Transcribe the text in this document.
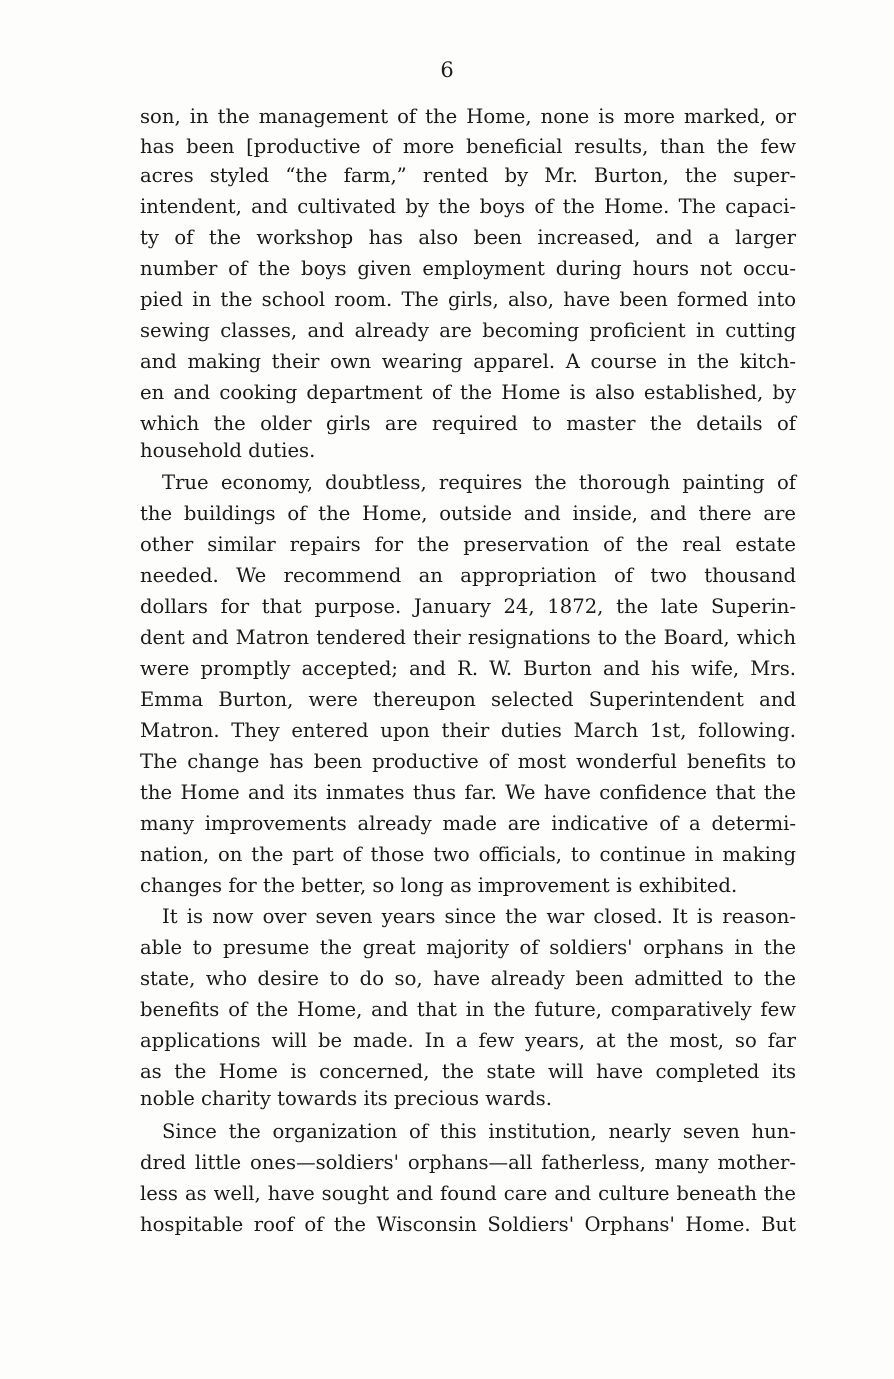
6
son, in the management of the Home, none is more marked, or
has been [productive of more beneficial results, than the few
acres styled “the farm,” rented by Mr. Burton, the super-
intendent, and cultivated by the boys of the Home. The capaci-
ty of the workshop has also been increased, and a larger
number of the boys given employment during hours not occu-
pied in the school room. The girls, also, have been formed into
sewing classes, and already are becoming proficient in cutting
and making their own wearing apparel. A course in the kitch-
en and cooking department of the Home is also established, by
which the older girls are required to master the details of
household duties.
True economy, doubtless, requires the thorough painting of
the buildings of the Home, outside and inside, and there are
other similar repairs for the preservation of the real estate
needed. We recommend an appropriation of two thousand
dollars for that purpose. January 24, 1872, the late Superin-
dent and Matron tendered their resignations to the Board, which
were promptly accepted; and R. W. Burton and his wife, Mrs.
Emma Burton, were thereupon selected Superintendent and
Matron. They entered upon their duties March 1st, following.
The change has been productive of most wonderful benefits to
the Home and its inmates thus far. We have confidence that the
many improvements already made are indicative of a determi-
nation, on the part of those two officials, to continue in making
changes for the better, so long as improvement is exhibited.
It is now over seven years since the war closed. It is reason-
able to presume the great majority of soldiers' orphans in the
state, who desire to do so, have already been admitted to the
benefits of the Home, and that in the future, comparatively few
applications will be made. In a few years, at the most, so far
as the Home is concerned, the state will have completed its
noble charity towards its precious wards.
Since the organization of this institution, nearly seven hun-
dred little ones—soldiers' orphans—all fatherless, many mother-
less as well, have sought and found care and culture beneath the
hospitable roof of the Wisconsin Soldiers' Orphans' Home. But
